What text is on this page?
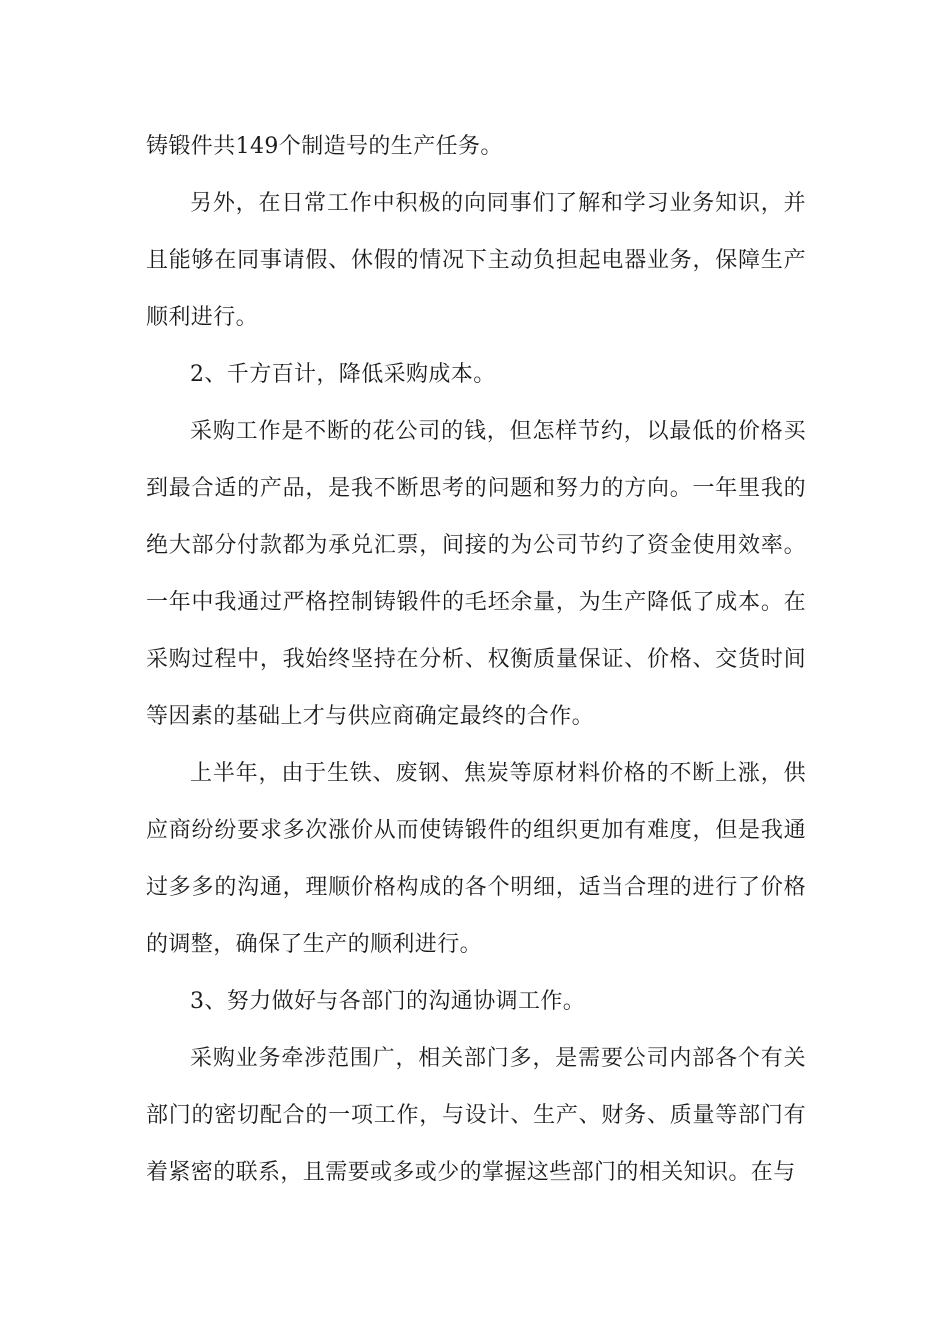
铸锻件共149个制造号的生产任务。

另外，在日常工作中积极的向同事们了解和学习业务知识，并且能够在同事请假、休假的情况下主动负担起电器业务，保障生产顺利进行。

2、千方百计，降低采购成本。

采购工作是不断的花公司的钱，但怎样节约，以最低的价格买到最合适的产品，是我不断思考的问题和努力的方向。一年里我的绝大部分付款都为承兑汇票，间接的为公司节约了资金使用效率。一年中我通过严格控制铸锻件的毛坯余量，为生产降低了成本。在采购过程中，我始终坚持在分析、权衡质量保证、价格、交货时间等因素的基础上才与供应商确定最终的合作。

上半年，由于生铁、废钢、焦炭等原材料价格的不断上涨，供应商纷纷要求多次涨价从而使铸锻件的组织更加有难度，但是我通过多多的沟通，理顺价格构成的各个明细，适当合理的进行了价格的调整，确保了生产的顺利进行。

3、努力做好与各部门的沟通协调工作。

采购业务牵涉范围广，相关部门多，是需要公司内部各个有关部门的密切配合的一项工作，与设计、生产、财务、质量等部门有着紧密的联系，且需要或多或少的掌握这些部门的相关知识。在与
